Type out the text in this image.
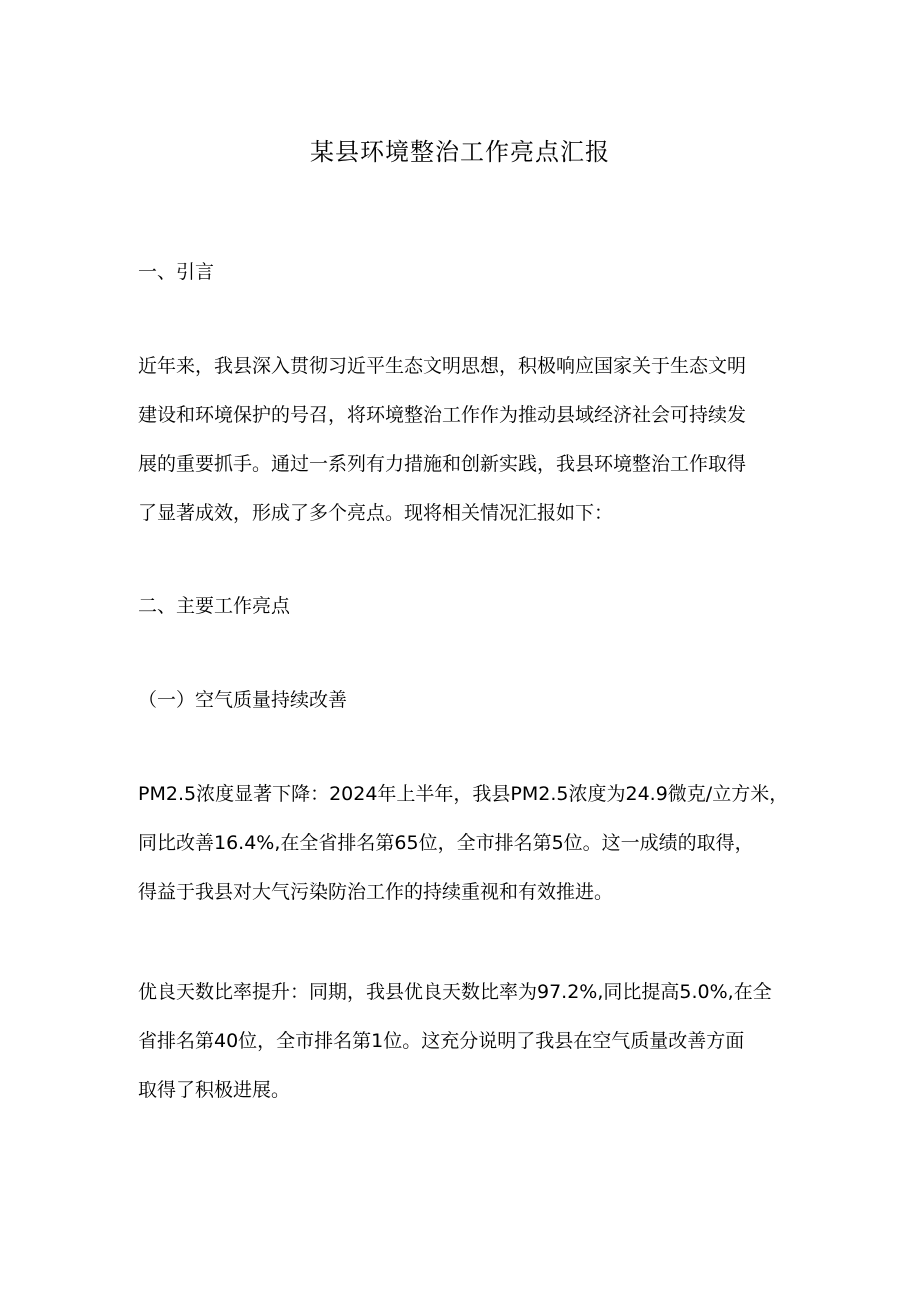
某县环境整治工作亮点汇报
一、引言
近年来，我县深入贯彻习近平生态文明思想，积极响应国家关于生态文明
建设和环境保护的号召，将环境整治工作作为推动县域经济社会可持续发
展的重要抓手。通过一系列有力措施和创新实践，我县环境整治工作取得
了显著成效，形成了多个亮点。现将相关情况汇报如下：
二、主要工作亮点
（一）空气质量持续改善
PM2.5浓度显著下降：2024年上半年，我县PM2.5浓度为24.9微克/立方米，
同比改善16.4%,在全省排名第65位，全市排名第5位。这一成绩的取得，
得益于我县对大气污染防治工作的持续重视和有效推进。
优良天数比率提升：同期，我县优良天数比率为97.2%,同比提高5.0%,在全
省排名第40位，全市排名第1位。这充分说明了我县在空气质量改善方面
取得了积极进展。
